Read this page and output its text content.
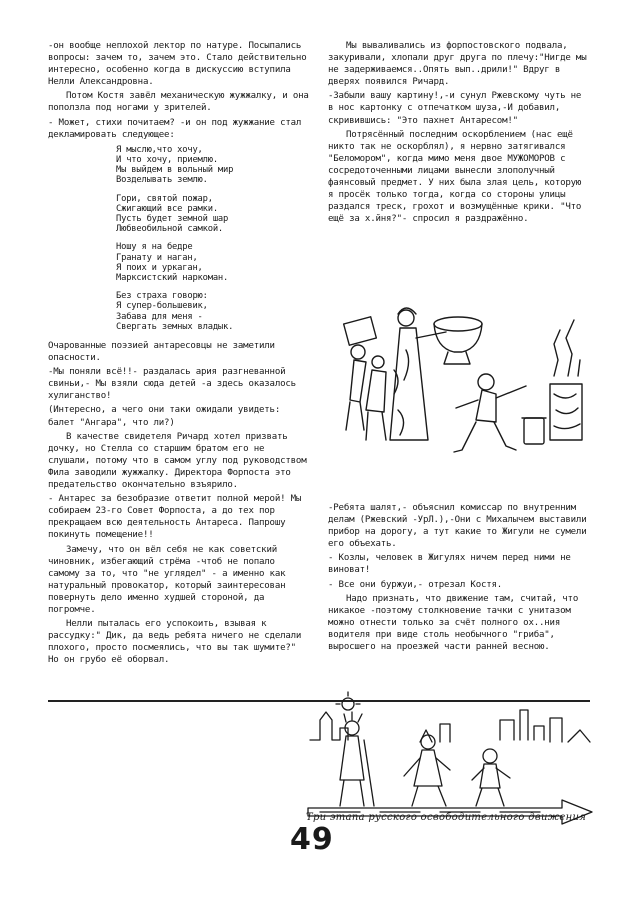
-он вообще неплохой лектор по натуре. Посыпались вопросы: зачем то, зачем это. Стало действительно интересно, особенно когда в дискуссию вступила Нелли Александровна.

Потом Костя завёл механическую жужжалку, и она поползла под ногами у зрителей.

- Может, стихи почитаем? -и он под жужжание стал декламировать следующее:

Я мыслю,что хочу,
И что хочу, приемлю.
Мы выйдем в вольный мир
Возделывать землю.
Гори, святой пожар,
Сжигающий все рамки.
Пусть будет земной шар
Любвеобильной самкой.
Ношу я на бедре
Гранату и наган,
Я поих и уркаган,
Марксистский наркоман.
Без страха говорю:
Я супер-большевик,
Забава для меня -
Свергать земных владык.

Очарованные поэзией антаресовцы не заметили опасности.

-Мы поняли всё!!- раздалась ария разгневанной свиньи,- Мы взяли сюда детей -а здесь оказалось хулиганство!

(Интересно, а чего они таки ожидали увидеть: балет "Ангара", что ли?)

В качестве свидетеля Ричард хотел призвать дочку, но Стелла со старшим братом его не слушали, потому что в самом углу под руководством Фила заводили жужжалку. Директора Форпоста это предательство окончательно взъярило.

- Антарес за безобразие ответит полной мерой! Мы собираем 23-го Совет Форпоста, а до тех пор прекращаем всю деятельность Антареса. Папрошу покинуть помещение!!

Замечу, что он вёл себя не как советский чиновник, избегающий стрёма -чтоб не попало самому за то, что "не углядел" - а именно как натуральный провокатор, который заинтересован повернуть дело именно худшей стороной, да погромче.

Нелли пыталась его успокоить, взывая к рассудку:" Дик, да ведь ребята ничего не сделали плохого, просто посмеялись, что вы так шумите?" Но он грубо её оборвал.

Мы вываливались из форпостовского подвала, закуривали, хлопали друг друга по плечу:"Нигде мы не задерживаемся..Опять вып..дрили!" Вдруг в дверях появился Ричард.

-Забыли вашу картину!,-и сунул Ржевскому чуть не в нос картонку с отпечатком шуза,-И добавил, скривившись: "Это пахнет Антаресом!"

Потрясённый последним оскорблением (нас ещё никто так не оскорблял), я нервно затягивался "Беломором", когда мимо меня двое МУЖОМОРОВ с сосредоточенными лицами вынесли злополучный фаянсовый предмет. У них была злая цель, которую я просёк только тогда, когда со стороны улицы раздался треск, грохот и возмущённые крики. "Что ещё за х.йня?"- спросил я раздражённо.

-Ребята шалят,- объяснил комиссар по внутренним делам (Ржевский -УрЛ.),-Они с Михалычем выставили прибор на дорогу, а тут какие то Жигули не сумели его объехать.

- Козлы, человек в Жигулях ничем перед ними не виноват!

- Все они буржуи,- отрезал Костя.

Надо признать, что движение там, считай, что никакое -поэтому столкновение тачки с унитазом можно отнести только за счёт полного ох..ния водителя при виде столь необычного "гриба", выросшего на проезжей части ранней весною.

Три этапа русского освободительного движения
49
